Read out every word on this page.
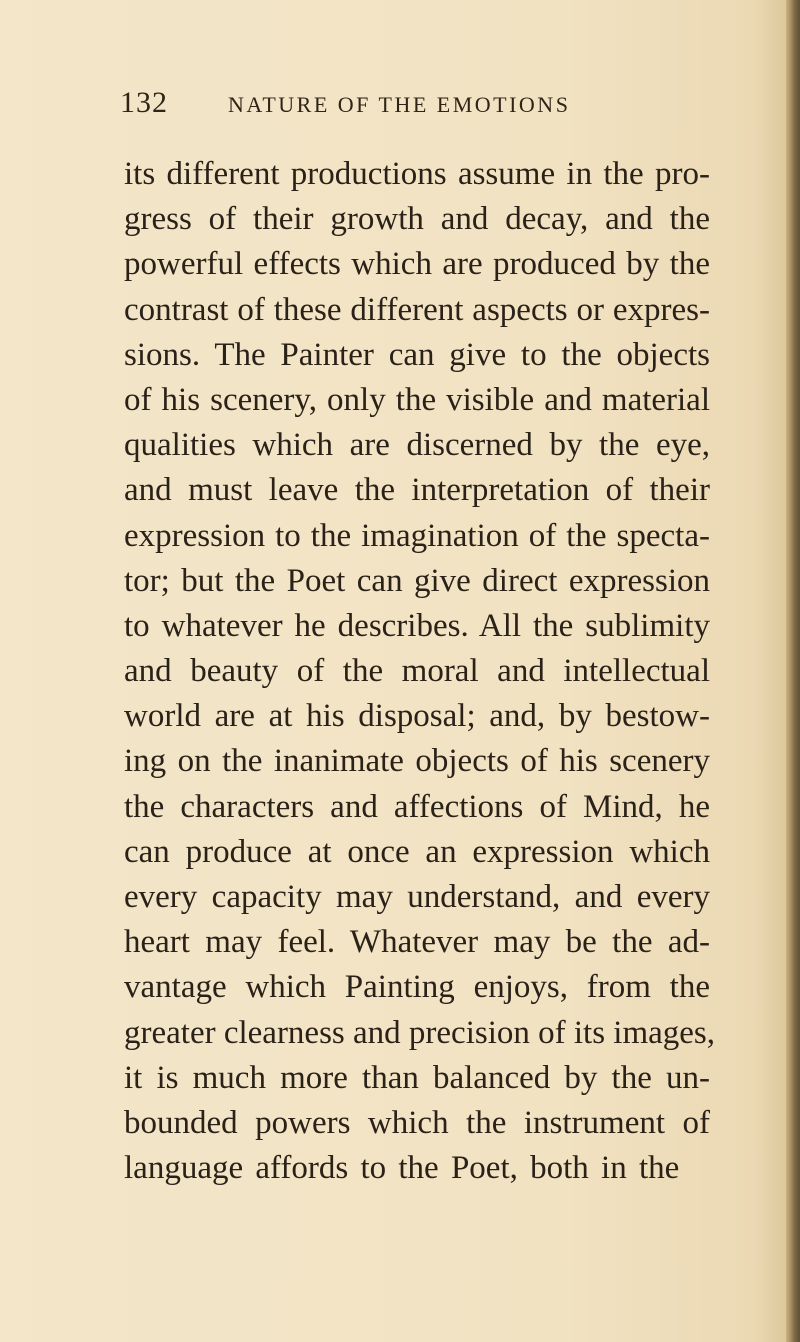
132	NATURE OF THE EMOTIONS
its different productions assume in the pro-
gress of their growth and decay, and the
powerful effects which are produced by the
contrast of these different aspects or expres-
sions. The Painter can give to the objects
of his scenery, only the visible and material
qualities which are discerned by the eye,
and must leave the interpretation of their
expression to the imagination of the specta-
tor; but the Poet can give direct expression
to whatever he describes. All the sublimity
and beauty of the moral and intellectual
world are at his disposal; and, by bestow-
ing on the inanimate objects of his scenery
the characters and affections of Mind, he
can produce at once an expression which
every capacity may understand, and every
heart may feel. Whatever may be the ad-
vantage which Painting enjoys, from the
greater clearness and precision of its images,
it is much more than balanced by the un-
bounded powers which the instrument of
language affords to the Poet, both in the
